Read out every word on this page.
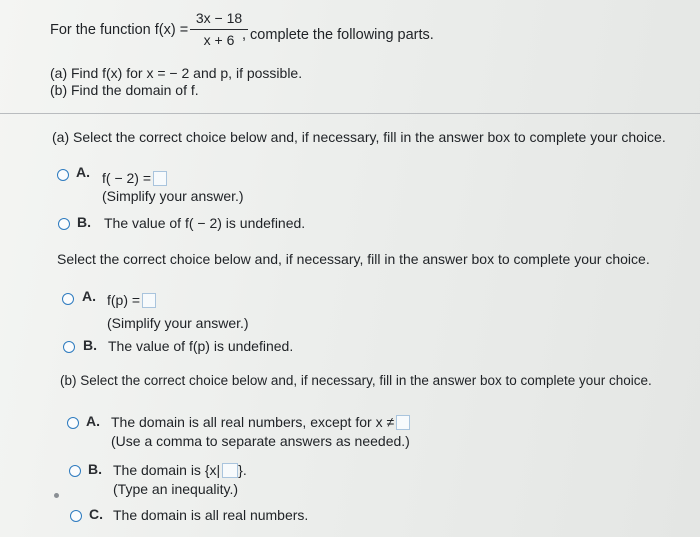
For the function f(x) =
3x − 18
x + 6 , complete the following parts.
(a) Find f(x) for x = − 2 and p, if possible.
(b) Find the domain of f.
(a) Select the correct choice below and, if necessary, fill in the answer box to complete your choice.
A. f( − 2) =
(Simplify your answer.)
B. The value of f( − 2) is undefined.
Select the correct choice below and, if necessary, fill in the answer box to complete your choice.
A. f(p) =
(Simplify your answer.)
B. The value of f(p) is undefined.
(b) Select the correct choice below and, if necessary, fill in the answer box to complete your choice.
A. The domain is all real numbers, except for x ≠
(Use a comma to separate answers as needed.)
B. The domain is {x| }.
(Type an inequality.)
C. The domain is all real numbers.
